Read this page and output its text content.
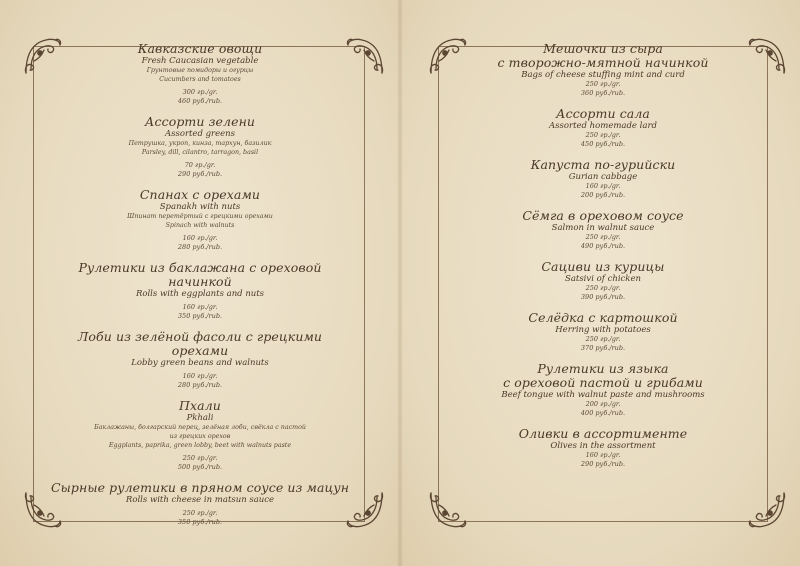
Кавказские овощи
Fresh Caucasian vegetable
Грунтовые помидоры и огурцы
Cucumbers and tomatoes
300 гр./gr.
460 руб./rub.
Ассорти зелени
Assorted greens
Петрушка, укроп, кинза, тархун, базилик
Parsley, dill, cilantro, tarragon, basil
70 гр./gr.
290 руб./rub.
Спанах с орехами
Spanakh with nuts
Шпинат перетёртый с грецкими орехами
Spinach with walnuts
160 гр./gr.
280 руб./rub.
Рулетики из баклажана с ореховой начинкой
Rolls with eggplants and nuts
160 гр./gr.
350 руб./rub.
Лоби из зелёной фасоли с грецкими орехами
Lobby green beans and walnuts
160 гр./gr.
280 руб./rub.
Пхали
Pkhali
Баклажаны, болгарский перец, зелёная лоби, свёкла с пастой
из грецких орехов
Eggplants, paprika, green lobby, beet with walnuts paste
250 гр./gr.
500 руб./rub.
Сырные рулетики в пряном соусе из мацун
Rolls with cheese in matsun sauce
250 гр./gr.
350 руб./rub.
Мешочки из сыра
с творожно-мятной начинкой
Bags of cheese stuffing mint and curd
250 гр./gr.
360 руб./rub.
Ассорти сала
Assorted homemade lard
250 гр./gr.
450 руб./rub.
Капуста по-гурийски
Gurian cabbage
160 гр./gr.
200 руб./rub.
Сёмга в ореховом соусе
Salmon in walnut sauce
250 гр./gr.
490 руб./rub.
Сациви из курицы
Satsivi of chicken
250 гр./gr.
390 руб./rub.
Селёдка с картошкой
Herring with potatoes
250 гр./gr.
370 руб./rub.
Рулетики из языка
с ореховой пастой и грибами
Beef tongue with walnut paste and mushrooms
200 гр./gr.
400 руб./rub.
Оливки в ассортименте
Olives in the assortment
160 гр./gr.
290 руб./rub.
